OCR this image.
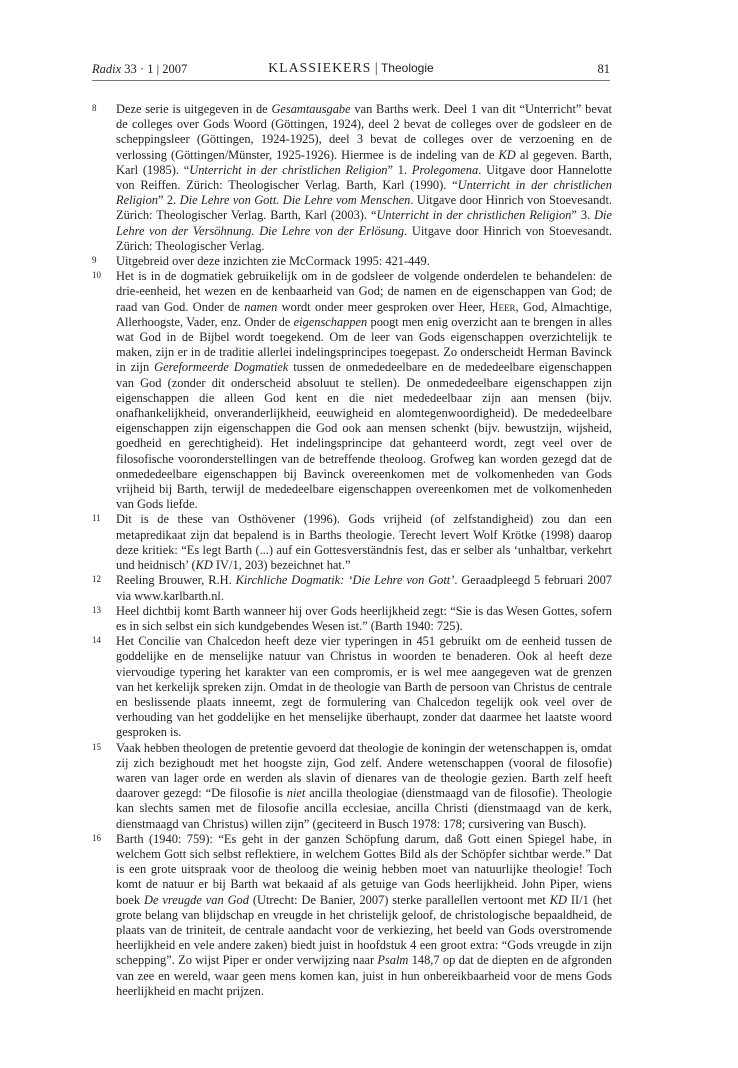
Radix 33 · 1 | 2007	KLASSIEKERS | Theologie	81

8 Deze serie is uitgegeven in de Gesamtausgabe van Barths werk. Deel 1 van dit “Unterricht” bevat de colleges over Gods Woord (Göttingen, 1924), deel 2 bevat de colleges over de godsleer en de scheppingsleer (Göttingen, 1924-1925), deel 3 bevat de colleges over de verzoening en de verlossing (Göttingen/Münster, 1925-1926). Hiermee is de indeling van de KD al gegeven. Barth, Karl (1985). “Unterricht in der christlichen Religion” 1. Prolegomena. Uitgave door Hannelotte von Reiffen. Zürich: Theologischer Verlag. Barth, Karl (1990). “Unterricht in der christlichen Religion” 2. Die Lehre von Gott. Die Lehre vom Menschen. Uitgave door Hinrich von Stoevesandt. Zürich: Theologischer Verlag. Barth, Karl (2003). “Unterricht in der christlichen Religion” 3. Die Lehre von der Versöhnung. Die Lehre von der Erlösung. Uitgave door Hinrich von Stoevesandt. Zürich: Theologischer Verlag.

9 Uitgebreid over deze inzichten zie McCormack 1995: 421-449.

10 Het is in de dogmatiek gebruikelijk om in de godsleer de volgende onderdelen te behandelen: de drie-eenheid, het wezen en de kenbaarheid van God; de namen en de eigenschappen van God; de raad van God. Onder de namen wordt onder meer gesproken over Heer, Heer, God, Almachtige, Allerhoogste, Vader, enz. Onder de eigenschappen poogt men enig overzicht aan te brengen in alles wat God in de Bijbel wordt toegekend. Om de leer van Gods eigenschappen overzichtelijk te maken, zijn er in de traditie allerlei indelingsprincipes toegepast. Zo onderscheidt Herman Bavinck in zijn Gereformeerde Dogmatiek tussen de onmededeelbare en de mededeelbare eigenschappen van God (zonder dit onderscheid absoluut te stellen). De onmededeelbare eigenschappen zijn eigenschappen die alleen God kent en die niet mededeelbaar zijn aan mensen (bijv. onafhankelijkheid, onveranderlijkheid, eeuwigheid en alomtegenwoordigheid). De mededeelbare eigenschappen zijn eigenschappen die God ook aan mensen schenkt (bijv. bewustzijn, wijsheid, goedheid en gerechtigheid). Het indelingsprincipe dat gehanteerd wordt, zegt veel over de filosofische vooronderstellingen van de betreffende theoloog. Grofweg kan worden gezegd dat de onmededeelbare eigenschappen bij Bavinck overeenkomen met de volkomenheden van Gods vrijheid bij Barth, terwijl de mededeelbare eigenschappen overeenkomen met de volkomenheden van Gods liefde.

11 Dit is de these van Osthövener (1996). Gods vrijheid (of zelfstandigheid) zou dan een metapredikaat zijn dat bepalend is in Barths theologie. Terecht levert Wolf Krötke (1998) daarop deze kritiek: “Es legt Barth (...) auf ein Gottesverständnis fest, das er selber als ‘unhaltbar, verkehrt und heidnisch’ (KD IV/1, 203) bezeichnet hat.”

12 Reeling Brouwer, R.H. Kirchliche Dogmatik: ‘Die Lehre von Gott’. Geraadpleegd 5 februari 2007 via www.karlbarth.nl.

13 Heel dichtbij komt Barth wanneer hij over Gods heerlijkheid zegt: “Sie is das Wesen Gottes, sofern es in sich selbst ein sich kundgebendes Wesen ist.” (Barth 1940: 725).

14 Het Concilie van Chalcedon heeft deze vier typeringen in 451 gebruikt om de eenheid tussen de goddelijke en de menselijke natuur van Christus in woorden te benaderen. Ook al heeft deze viervoudige typering het karakter van een compromis, er is wel mee aangegeven wat de grenzen van het kerkelijk spreken zijn. Omdat in de theologie van Barth de persoon van Christus de centrale en beslissende plaats inneemt, zegt de formulering van Chalcedon tegelijk ook veel over de verhouding van het goddelijke en het menselijke überhaupt, zonder dat daarmee het laatste woord gesproken is.

15 Vaak hebben theologen de pretentie gevoerd dat theologie de koningin der wetenschappen is, omdat zij zich bezighoudt met het hoogste zijn, God zelf. Andere wetenschappen (vooral de filosofie) waren van lager orde en werden als slavin of dienares van de theologie gezien. Barth zelf heeft daarover gezegd: “De filosofie is niet ancilla theologiae (dienstmaagd van de filosofie). Theologie kan slechts samen met de filosofie ancilla ecclesiae, ancilla Christi (dienstmaagd van de kerk, dienstmaagd van Christus) willen zijn” (geciteerd in Busch 1978: 178; cursivering van Busch).

16 Barth (1940: 759): “Es geht in der ganzen Schöpfung darum, daß Gott einen Spiegel habe, in welchem Gott sich selbst reflektiere, in welchem Gottes Bild als der Schöpfer sichtbar werde.” Dat is een grote uitspraak voor de theoloog die weinig hebben moet van natuurlijke theologie! Toch komt de natuur er bij Barth wat bekaaid af als getuige van Gods heerlijkheid. John Piper, wiens boek De vreugde van God (Utrecht: De Banier, 2007) sterke parallellen vertoont met KD II/1 (het grote belang van blijdschap en vreugde in het christelijk geloof, de christologische bepaaldheid, de plaats van de triniteit, de centrale aandacht voor de verkiezing, het beeld van Gods overstromende heerlijkheid en vele andere zaken) biedt juist in hoofdstuk 4 een groot extra: “Gods vreugde in zijn schepping”. Zo wijst Piper er onder verwijzing naar Psalm 148,7 op dat de diepten en de afgronden van zee en wereld, waar geen mens komen kan, juist in hun onbereikbaarheid voor de mens Gods heerlijkheid en macht prijzen.
